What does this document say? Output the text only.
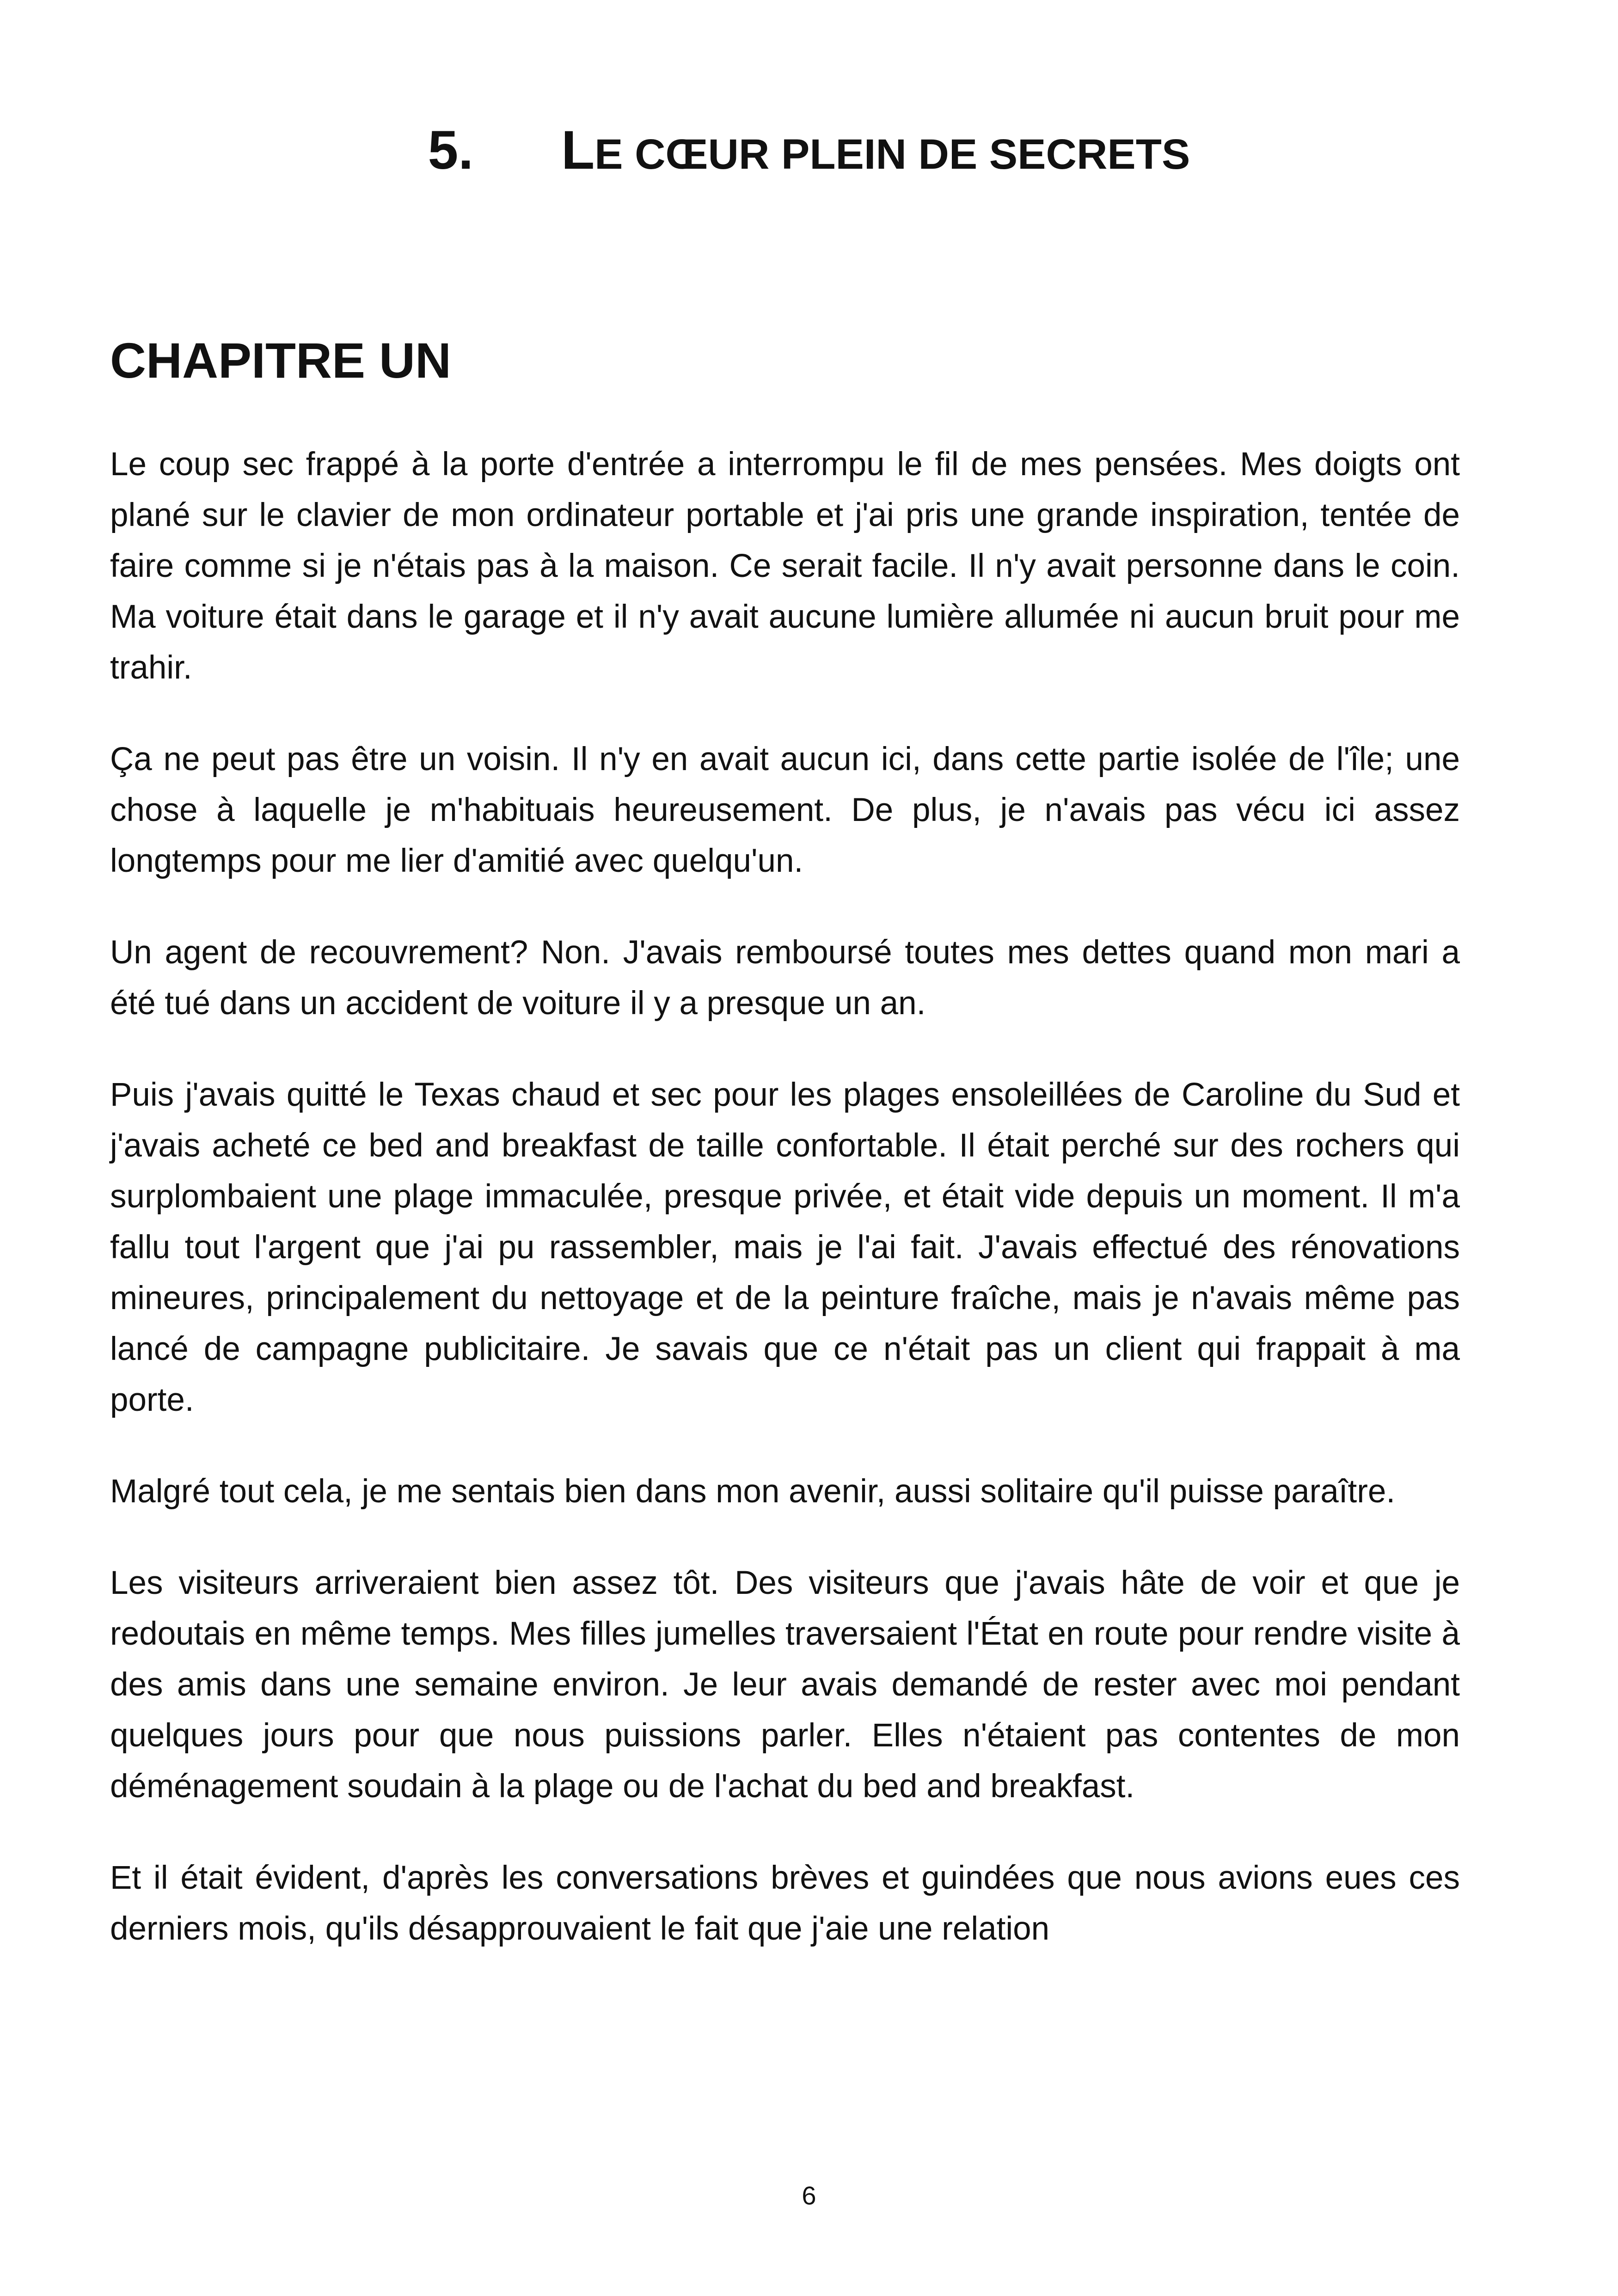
5. LE CŒUR PLEIN DE SECRETS
CHAPITRE UN

Le coup sec frappé à la porte d'entrée a interrompu le fil de mes pensées. Mes doigts ont plané sur le clavier de mon ordinateur portable et j'ai pris une grande inspiration, tentée de faire comme si je n'étais pas à la maison. Ce serait facile. Il n'y avait personne dans le coin. Ma voiture était dans le garage et il n'y avait aucune lumière allumée ni aucun bruit pour me trahir.

Ça ne peut pas être un voisin. Il n'y en avait aucun ici, dans cette partie isolée de l'île; une chose à laquelle je m'habituais heureusement. De plus, je n'avais pas vécu ici assez longtemps pour me lier d'amitié avec quelqu'un.

Un agent de recouvrement? Non. J'avais remboursé toutes mes dettes quand mon mari a été tué dans un accident de voiture il y a presque un an.

Puis j'avais quitté le Texas chaud et sec pour les plages ensoleillées de Caroline du Sud et j'avais acheté ce bed and breakfast de taille confortable. Il était perché sur des rochers qui surplombaient une plage immaculée, presque privée, et était vide depuis un moment. Il m'a fallu tout l'argent que j'ai pu rassembler, mais je l'ai fait. J'avais effectué des rénovations mineures, principalement du nettoyage et de la peinture fraîche, mais je n'avais même pas lancé de campagne publicitaire. Je savais que ce n'était pas un client qui frappait à ma porte.

Malgré tout cela, je me sentais bien dans mon avenir, aussi solitaire qu'il puisse paraître.

Les visiteurs arriveraient bien assez tôt. Des visiteurs que j'avais hâte de voir et que je redoutais en même temps. Mes filles jumelles traversaient l'État en route pour rendre visite à des amis dans une semaine environ. Je leur avais demandé de rester avec moi pendant quelques jours pour que nous puissions parler. Elles n'étaient pas contentes de mon déménagement soudain à la plage ou de l'achat du bed and breakfast.

Et il était évident, d'après les conversations brèves et guindées que nous avions eues ces derniers mois, qu'ils désapprouvaient le fait que j'aie une relation

6
